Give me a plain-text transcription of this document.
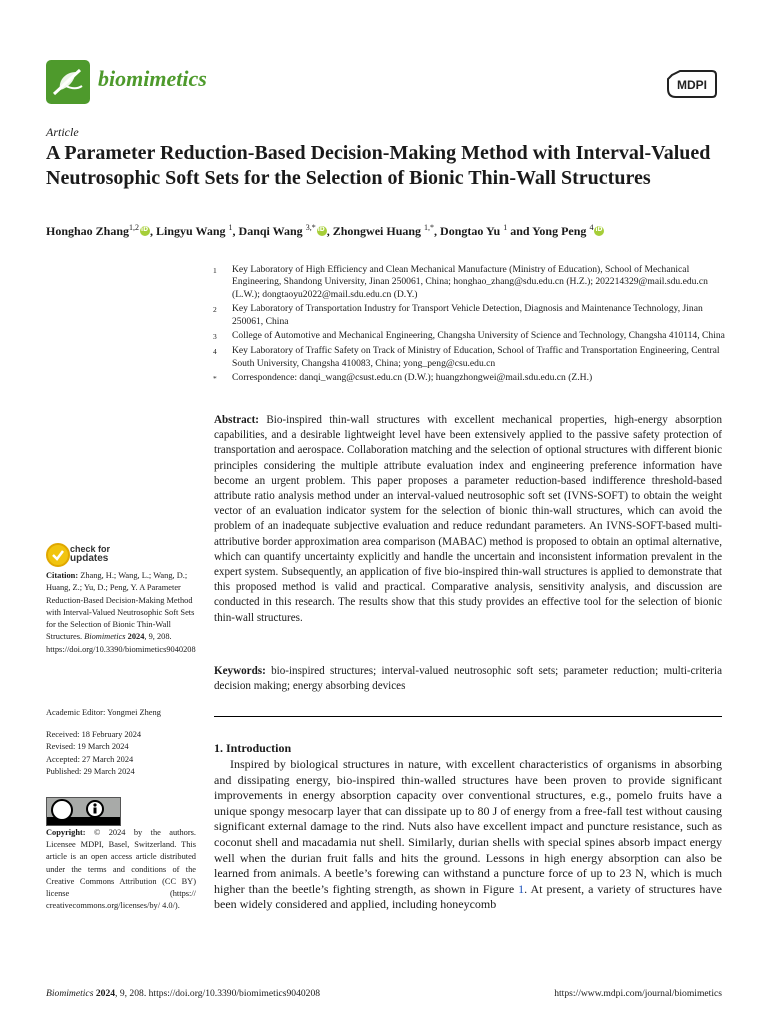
biomimetics	MDPI
Article
A Parameter Reduction-Based Decision-Making Method with Interval-Valued Neutrosophic Soft Sets for the Selection of Bionic Thin-Wall Structures
Honghao Zhang$^{1,2}$ iD , Lingyu Wang $^1$, Danqi Wang $^{3,*}$ iD , Zhongwei Huang $^{1,*}$, Dongtao Yu $^1$ and Yong Peng $^4$iD
1	Key Laboratory of High Efficiency and Clean Mechanical Manufacture (Ministry of Education), School of Mechanical Engineering, Shandong University, Jinan 250061, China; honghao_zhang@sdu.edu.cn (H.Z.); 202214329@mail.sdu.edu.cn (L.W.); dongtaoyu2022@mail.sdu.edu.cn (D.Y.)
2	Key Laboratory of Transportation Industry for Transport Vehicle Detection, Diagnosis and Maintenance Technology, Jinan 250061, China
3	College of Automotive and Mechanical Engineering, Changsha University of Science and Technology, Changsha 410114, China
4	Key Laboratory of Traffic Safety on Track of Ministry of Education, School of Traffic and Transportation Engineering, Central South University, Changsha 410083, China; yong_peng@csu.edu.cn
*	Correspondence: danqi_wang@csust.edu.cn (D.W.); huangzhongwei@mail.sdu.edu.cn (Z.H.)

Abstract: Bio-inspired thin-wall structures with excellent mechanical properties, high-energy absorption capabilities, and a desirable lightweight level have been extensively applied to the passive safety protection of transportation and aerospace. Collaboration matching and the selection of optional structures with different bionic principles considering the multiple attribute evaluation index and engineering preference information have become an urgent problem. This paper proposes a parameter reduction-based indifference threshold-based attribute ratio analysis method under an interval-valued neutrosophic soft set (IVNS-SOFT) to obtain the weight vector of an evaluation indicator system for the selection of bionic thin-wall structures, which can avoid the problem of an inadequate subjective evaluation and reduce redundant parameters. An IVNS-SOFT-based multi-attributive border approximation area comparison (MABAC) method is proposed to obtain an optimal alternative, which can quantify uncertainty explicitly and handle the uncertain and inconsistent information prevalent in the expert system. Subsequently, an application of five bio-inspired thin-wall structures is applied to demonstrate that this proposed method is valid and practical. Comparative analysis, sensitivity analysis, and discussion are conducted in this research. The results show that this study provides an effective tool for the selection of bionic thin-wall structures.

Keywords: bio-inspired structures; interval-valued neutrosophic soft sets; parameter reduction; multi-criteria decision making; energy absorbing devices

1. Introduction

Inspired by biological structures in nature, with excellent characteristics of organisms in absorbing and dissipating energy, bio-inspired thin-walled structures have been proven to provide significant improvements in energy absorption capacity over conventional structures, e.g., pomelo fruits have a unique spongy mesocarp layer that can dissipate up to 80 J of energy from a free-fall test without causing significant external damage to the rind. Nuts also have excellent impact and puncture resistance, such as coconut shell and macadamia nut shell. Similarly, durian shells with special spines absorb impact energy well when the durian fruit falls and hits the ground. Lessons in high energy absorption can also be learned from animals. A beetle’s forewing can withstand a puncture force of up to 23 N, which is much higher than the beetle’s fighting strength, as shown in Figure 1. At present, a variety of structures have been widely considered and applied, including honeycomb

check for
updates
Citation: Zhang, H.; Wang, L.; Wang, D.; Huang, Z.; Yu, D.; Peng, Y. A Parameter Reduction-Based Decision-Making Method with Interval-Valued Neutrosophic Soft Sets for the Selection of Bionic Thin-Wall Structures. Biomimetics 2024, 9, 208. https://doi.org/10.3390/biomimetics9040208
Academic Editor: Yongmei Zheng
Received: 18 February 2024
Revised: 19 March 2024
Accepted: 27 March 2024
Published: 29 March 2024
Copyright: © 2024 by the authors. Licensee MDPI, Basel, Switzerland. This article is an open access article distributed under the terms and conditions of the Creative Commons Attribution (CC BY) license (https:// creativecommons.org/licenses/by/ 4.0/).
Biomimetics 2024, 9, 208. https://doi.org/10.3390/biomimetics9040208	https://www.mdpi.com/journal/biomimetics
